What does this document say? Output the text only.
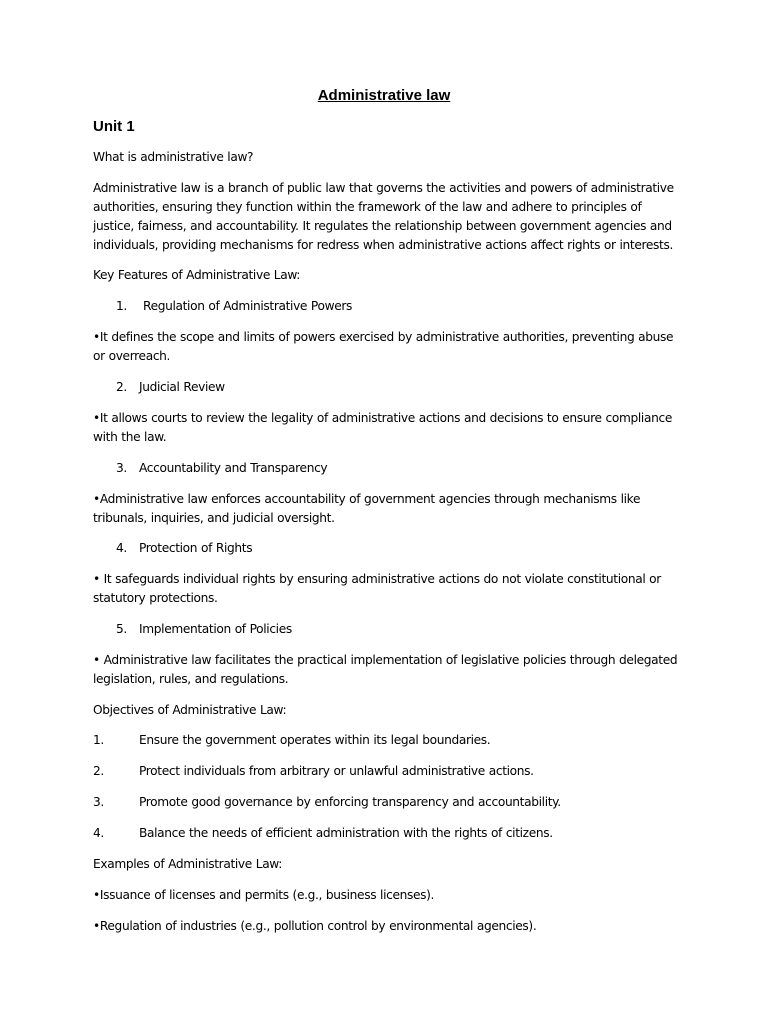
Administrative law
Unit 1
What is administrative law?
Administrative law is a branch of public law that governs the activities and powers of administrative authorities, ensuring they function within the framework of the law and adhere to principles of justice, fairness, and accountability. It regulates the relationship between government agencies and individuals, providing mechanisms for redress when administrative actions affect rights or interests.
Key Features of Administrative Law:
1. Regulation of Administrative Powers
•It defines the scope and limits of powers exercised by administrative authorities, preventing abuse or overreach.
2. Judicial Review
•It allows courts to review the legality of administrative actions and decisions to ensure compliance with the law.
3. Accountability and Transparency
•Administrative law enforces accountability of government agencies through mechanisms like tribunals, inquiries, and judicial oversight.
4. Protection of Rights
• It safeguards individual rights by ensuring administrative actions do not violate constitutional or statutory protections.
5. Implementation of Policies
• Administrative law facilitates the practical implementation of legislative policies through delegated legislation, rules, and regulations.
Objectives of Administrative Law:
1.	Ensure the government operates within its legal boundaries.
2.	Protect individuals from arbitrary or unlawful administrative actions.
3.	Promote good governance by enforcing transparency and accountability.
4.	Balance the needs of efficient administration with the rights of citizens.
Examples of Administrative Law:
•Issuance of licenses and permits (e.g., business licenses).
•Regulation of industries (e.g., pollution control by environmental agencies).
